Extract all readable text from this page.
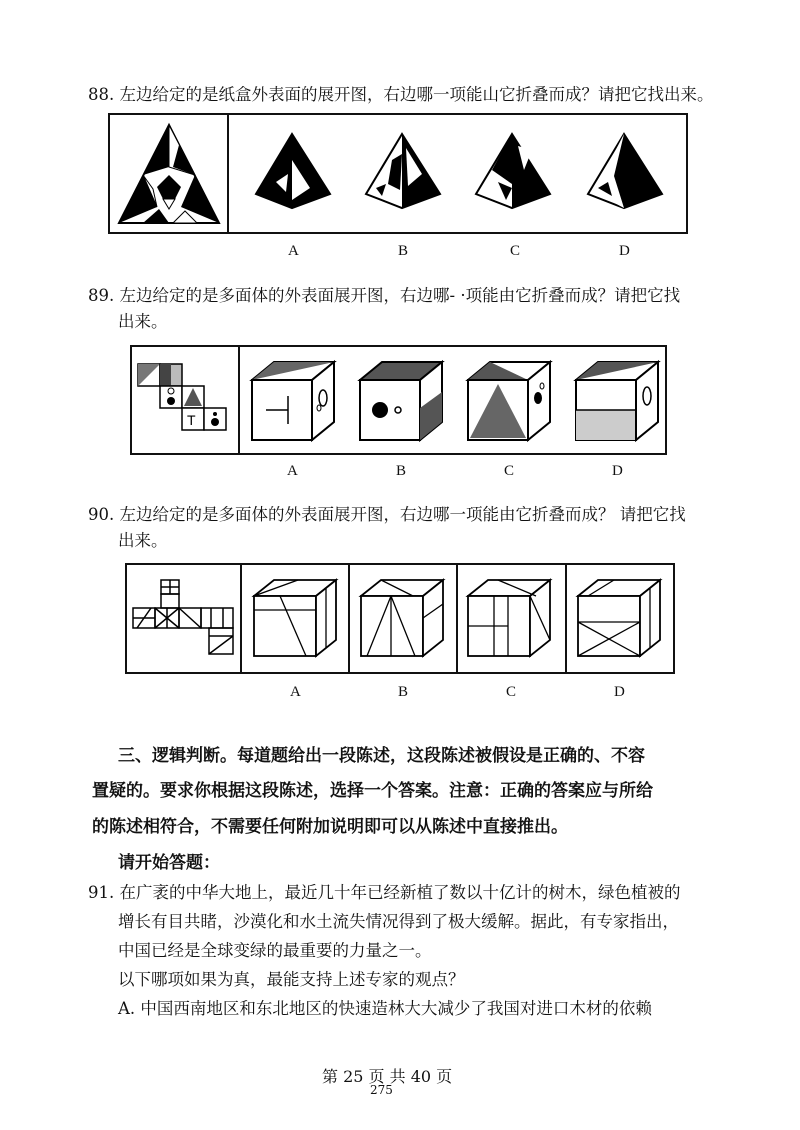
88. 左边给定的是纸盒外表面的展开图，右边哪一项能山它折叠而成？请把它找出来。
A	B	C	D
89. 左边给定的是多面体的外表面展开图，右边哪- ·项能由它折叠而成？请把它找
出来。
T
A	B	C	D
90. 左边给定的是多面体的外表面展开图，右边哪一项能由它折叠而成？ 请把它找
出来。
A	B	C	D
三、逻辑判断。每道题给出一段陈述，这段陈述被假设是正确的、不容
置疑的。要求你根据这段陈述，选择一个答案。注意：正确的答案应与所给
的陈述相符合，不需要任何附加说明即可以从陈述中直接推出。
请开始答题：
91. 在广袤的中华大地上，最近几十年已经新植了数以十亿计的树木，绿色植被的
增长有目共睹，沙漠化和水土流失情况得到了极大缓解。据此，有专家指出，
中国已经是全球变绿的最重要的力量之一。
以下哪项如果为真，最能支持上述专家的观点？
A. 中国西南地区和东北地区的快速造林大大减少了我国对进口木材的依赖
第 25 页 共 40 页
275
